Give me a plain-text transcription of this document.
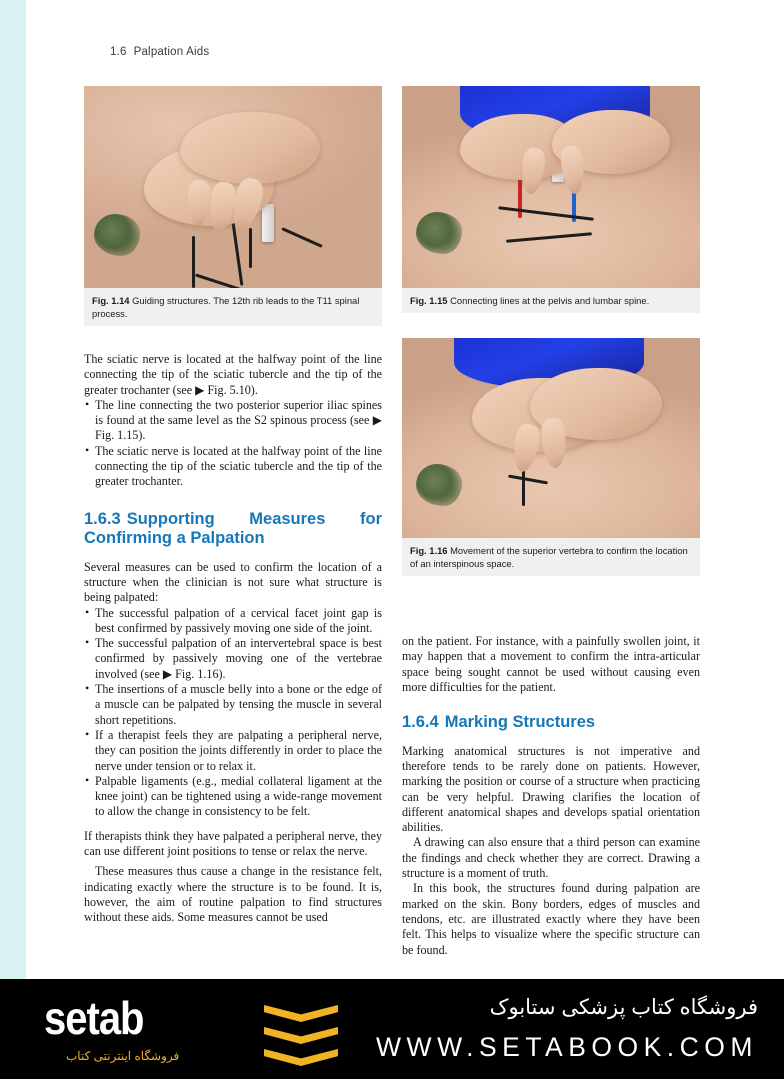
1.6 Palpation Aids
Fig. 1.14 Guiding structures. The 12th rib leads to the T11 spinal process.
Fig. 1.15 Connecting lines at the pelvis and lumbar spine.
Fig. 1.16 Movement of the superior vertebra to confirm the location of an interspinous space.

The sciatic nerve is located at the halfway point of the line connecting the tip of the sciatic tubercle and the tip of the greater trochanter (see ▶ Fig. 5.10).

• The line connecting the two posterior superior iliac spines is found at the same level as the S2 spinous process (see ▶ Fig. 1.15).
• The sciatic nerve is located at the halfway point of the line connecting the tip of the sciatic tubercle and the tip of the greater trochanter.
1.6.3 Supporting Measures for Confirming a Palpation

Several measures can be used to confirm the location of a structure when the clinician is not sure what structure is being palpated:

• The successful palpation of a cervical facet joint gap is best confirmed by passively moving one side of the joint.
• The successful palpation of an intervertebral space is best confirmed by passively moving one of the vertebrae involved (see ▶ Fig. 1.16).
• The insertions of a muscle belly into a bone or the edge of a muscle can be palpated by tensing the muscle in several short repetitions.
• If a therapist feels they are palpating a peripheral nerve, they can position the joints differently in order to place the nerve under tension or to relax it.
• Palpable ligaments (e.g., medial collateral ligament at the knee joint) can be tightened using a wide-range movement to allow the change in consistency to be felt.

If therapists think they have palpated a peripheral nerve, they can use different joint positions to tense or relax the nerve.

These measures thus cause a change in the resistance felt, indicating exactly where the structure is to be found. It is, however, the aim of routine palpation to find structures without these aids. Some measures cannot be used

on the patient. For instance, with a painfully swollen joint, it may happen that a movement to confirm the intra-articular space being sought cannot be used without causing even more difficulties for the patient.

1.6.4 Marking Structures

Marking anatomical structures is not imperative and therefore tends to be rarely done on patients. However, marking the position or course of a structure when practicing can be very helpful. Drawing clarifies the location of different anatomical shapes and develops spatial orientation abilities.

A drawing can also ensure that a third person can examine the findings and check whether they are correct. Drawing a structure is a moment of truth.

In this book, the structures found during palpation are marked on the skin. Bony borders, edges of muscles and tendons, etc. are illustrated exactly where they have been felt. This helps to visualize where the specific structure can be found.

setab
فروشگاه اینترنتی کتاب
فروشگاه کتاب پزشکی ستابوک
WWW.SETABOOK.COM
